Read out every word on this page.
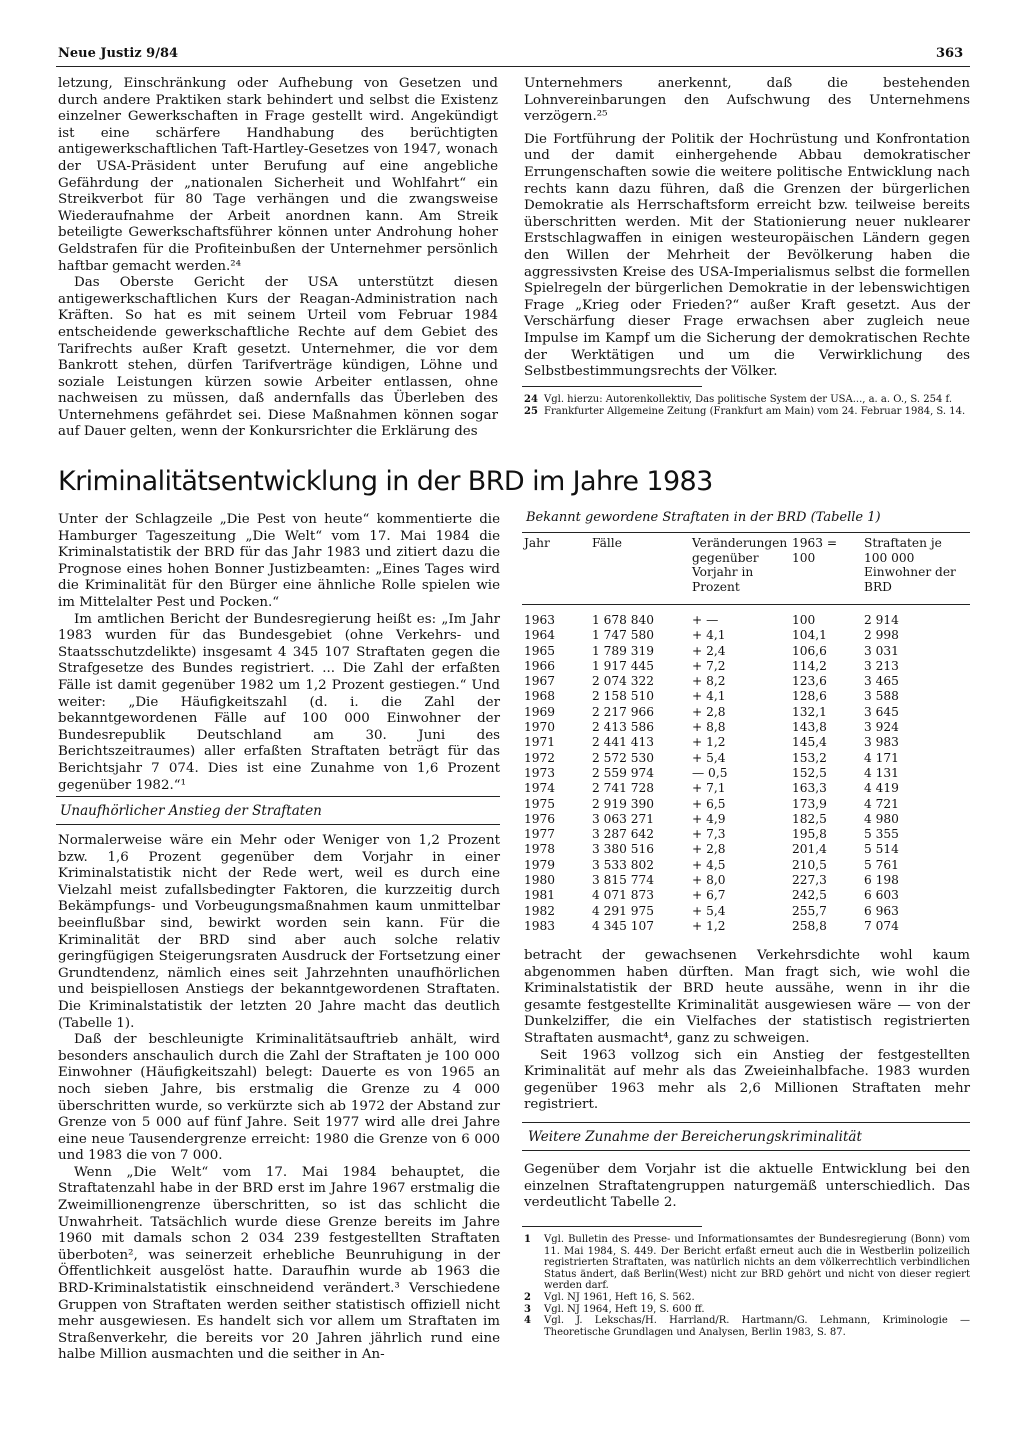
Neue Justiz 9/84	363

letzung, Einschränkung oder Aufhebung von Gesetzen und durch andere Praktiken stark behindert und selbst die Existenz einzelner Gewerkschaften in Frage gestellt wird. Angekündigt ist eine schärfere Handhabung des berüchtigten antigewerkschaftlichen Taft-Hartley-Gesetzes von 1947, wonach der USA-Präsident unter Berufung auf eine angebliche Gefährdung der „nationalen Sicherheit und Wohlfahrt“ ein Streikverbot für 80 Tage verhängen und die zwangsweise Wiederaufnahme der Arbeit anordnen kann. Am Streik beteiligte Gewerkschaftsführer können unter Androhung hoher Geldstrafen für die Profiteinbußen der Unternehmer persönlich haftbar gemacht werden.²⁴

Das Oberste Gericht der USA unterstützt diesen antigewerkschaftlichen Kurs der Reagan-Administration nach Kräften. So hat es mit seinem Urteil vom Februar 1984 entscheidende gewerkschaftliche Rechte auf dem Gebiet des Tarifrechts außer Kraft gesetzt. Unternehmer, die vor dem Bankrott stehen, dürfen Tarifverträge kündigen, Löhne und soziale Leistungen kürzen sowie Arbeiter entlassen, ohne nachweisen zu müssen, daß andernfalls das Überleben des Unternehmens gefährdet sei. Diese Maßnahmen können sogar auf Dauer gelten, wenn der Konkursrichter die Erklärung des

Unternehmers anerkennt, daß die bestehenden Lohnvereinbarungen den Aufschwung des Unternehmens verzögern.²⁵

Die Fortführung der Politik der Hochrüstung und Konfrontation und der damit einhergehende Abbau demokratischer Errungenschaften sowie die weitere politische Entwicklung nach rechts kann dazu führen, daß die Grenzen der bürgerlichen Demokratie als Herrschaftsform erreicht bzw. teilweise bereits überschritten werden. Mit der Stationierung neuer nuklearer Erstschlagwaffen in einigen westeuropäischen Ländern gegen den Willen der Mehrheit der Bevölkerung haben die aggressivsten Kreise des USA-Imperialismus selbst die formellen Spielregeln der bürgerlichen Demokratie in der lebenswichtigen Frage „Krieg oder Frieden?“ außer Kraft gesetzt. Aus der Verschärfung dieser Frage erwachsen aber zugleich neue Impulse im Kampf um die Sicherung der demokratischen Rechte der Werktätigen und um die Verwirklichung des Selbstbestimmungsrechts der Völker.

24 Vgl. hierzu: Autorenkollektiv, Das politische System der USA..., a. a. O., S. 254 f.
25 Frankfurter Allgemeine Zeitung (Frankfurt am Main) vom 24. Februar 1984, S. 14.
Kriminalitätsentwicklung in der BRD im Jahre 1983

Unter der Schlagzeile „Die Pest von heute“ kommentierte die Hamburger Tageszeitung „Die Welt“ vom 17. Mai 1984 die Kriminalstatistik der BRD für das Jahr 1983 und zitiert dazu die Prognose eines hohen Bonner Justizbeamten: „Eines Tages wird die Kriminalität für den Bürger eine ähnliche Rolle spielen wie im Mittelalter Pest und Pocken.“

Im amtlichen Bericht der Bundesregierung heißt es: „Im Jahr 1983 wurden für das Bundesgebiet (ohne Verkehrs- und Staatsschutzdelikte) insgesamt 4 345 107 Straftaten gegen die Strafgesetze des Bundes registriert. ... Die Zahl der erfaßten Fälle ist damit gegenüber 1982 um 1,2 Prozent gestiegen.“ Und weiter: „Die Häufigkeitszahl (d. i. die Zahl der bekanntgewordenen Fälle auf 100 000 Einwohner der Bundesrepublik Deutschland am 30. Juni des Berichtszeitraumes) aller erfaßten Straftaten beträgt für das Berichtsjahr 7 074. Dies ist eine Zunahme von 1,6 Prozent gegenüber 1982.“¹

Unaufhörlicher Anstieg der Straftaten

Normalerweise wäre ein Mehr oder Weniger von 1,2 Prozent bzw. 1,6 Prozent gegenüber dem Vorjahr in einer Kriminalstatistik nicht der Rede wert, weil es durch eine Vielzahl meist zufallsbedingter Faktoren, die kurzzeitig durch Bekämpfungs- und Vorbeugungsmaßnahmen kaum unmittelbar beeinflußbar sind, bewirkt worden sein kann. Für die Kriminalität der BRD sind aber auch solche relativ geringfügigen Steigerungsraten Ausdruck der Fortsetzung einer Grundtendenz, nämlich eines seit Jahrzehnten unaufhörlichen und beispiellosen Anstiegs der bekanntgewordenen Straftaten. Die Kriminalstatistik der letzten 20 Jahre macht das deutlich (Tabelle 1).

Daß der beschleunigte Kriminalitätsauftrieb anhält, wird besonders anschaulich durch die Zahl der Straftaten je 100 000 Einwohner (Häufigkeitszahl) belegt: Dauerte es von 1965 an noch sieben Jahre, bis erstmalig die Grenze zu 4 000 überschritten wurde, so verkürzte sich ab 1972 der Abstand zur Grenze von 5 000 auf fünf Jahre. Seit 1977 wird alle drei Jahre eine neue Tausendergrenze erreicht: 1980 die Grenze von 6 000 und 1983 die von 7 000.

Wenn „Die Welt“ vom 17. Mai 1984 behauptet, die Straftatenzahl habe in der BRD erst im Jahre 1967 erstmalig die Zweimillionengrenze überschritten, so ist das schlicht die Unwahrheit. Tatsächlich wurde diese Grenze bereits im Jahre 1960 mit damals schon 2 034 239 festgestellten Straftaten überboten², was seinerzeit erhebliche Beunruhigung in der Öffentlichkeit ausgelöst hatte. Daraufhin wurde ab 1963 die BRD-Kriminalstatistik einschneidend verändert.³ Verschiedene Gruppen von Straftaten werden seither statistisch offiziell nicht mehr ausgewiesen. Es handelt sich vor allem um Straftaten im Straßenverkehr, die bereits vor 20 Jahren jährlich rund eine halbe Million ausmachten und die seither in An-

Bekannt gewordene Straftaten in der BRD (Tabelle 1)
Jahr	Fälle	Veränderungen gegenüber Vorjahr in Prozent	1963 = 100	Straftaten je 100 000 Einwohner der BRD
1963	1 678 840	+ —	100	2 914
1964	1 747 580	+ 4,1	104,1	2 998
1965	1 789 319	+ 2,4	106,6	3 031
1966	1 917 445	+ 7,2	114,2	3 213
1967	2 074 322	+ 8,2	123,6	3 465
1968	2 158 510	+ 4,1	128,6	3 588
1969	2 217 966	+ 2,8	132,1	3 645
1970	2 413 586	+ 8,8	143,8	3 924
1971	2 441 413	+ 1,2	145,4	3 983
1972	2 572 530	+ 5,4	153,2	4 171
1973	2 559 974	— 0,5	152,5	4 131
1974	2 741 728	+ 7,1	163,3	4 419
1975	2 919 390	+ 6,5	173,9	4 721
1976	3 063 271	+ 4,9	182,5	4 980
1977	3 287 642	+ 7,3	195,8	5 355
1978	3 380 516	+ 2,8	201,4	5 514
1979	3 533 802	+ 4,5	210,5	5 761
1980	3 815 774	+ 8,0	227,3	6 198
1981	4 071 873	+ 6,7	242,5	6 603
1982	4 291 975	+ 5,4	255,7	6 963
1983	4 345 107	+ 1,2	258,8	7 074

betracht der gewachsenen Verkehrsdichte wohl kaum abgenommen haben dürften. Man fragt sich, wie wohl die Kriminalstatistik der BRD heute aussähe, wenn in ihr die gesamte festgestellte Kriminalität ausgewiesen wäre — von der Dunkelziffer, die ein Vielfaches der statistisch registrierten Straftaten ausmacht⁴, ganz zu schweigen.

Seit 1963 vollzog sich ein Anstieg der festgestellten Kriminalität auf mehr als das Zweieinhalbfache. 1983 wurden gegenüber 1963 mehr als 2,6 Millionen Straftaten mehr registriert.

Weitere Zunahme der Bereicherungskriminalität

Gegenüber dem Vorjahr ist die aktuelle Entwicklung bei den einzelnen Straftatengruppen naturgemäß unterschiedlich. Das verdeutlicht Tabelle 2.

1	Vgl. Bulletin des Presse- und Informationsamtes der Bundesregierung (Bonn) vom 11. Mai 1984, S. 449. Der Bericht erfaßt erneut auch die in Westberlin polizeilich registrierten Straftaten, was natürlich nichts an dem völkerrechtlich verbindlichen Status ändert, daß Berlin(West) nicht zur BRD gehört und nicht von dieser regiert werden darf.
2	Vgl. NJ 1961, Heft 16, S. 562.
3	Vgl. NJ 1964, Heft 19, S. 600 ff.
4	Vgl. J. Lekschas/H. Harrland/R. Hartmann/G. Lehmann, Kriminologie — Theoretische Grundlagen und Analysen, Berlin 1983, S. 87.
